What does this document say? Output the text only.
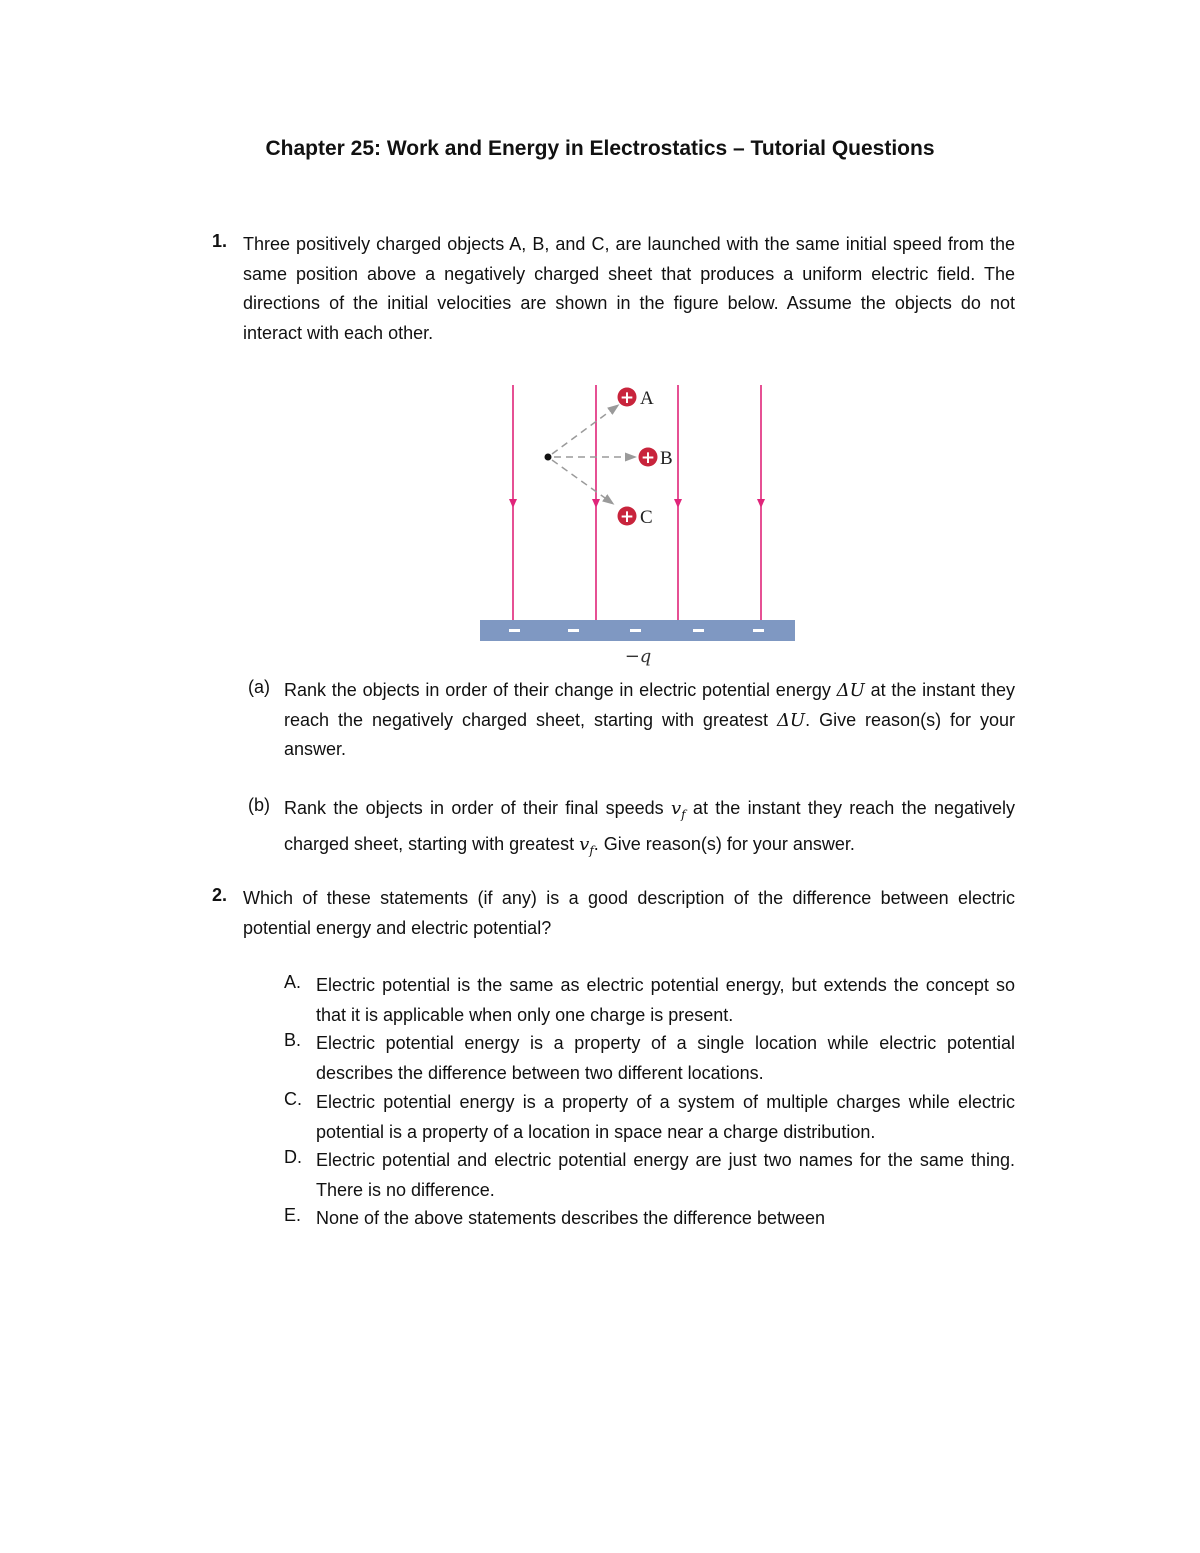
Chapter 25: Work and Energy in Electrostatics – Tutorial Questions
1. Three positively charged objects A, B, and C, are launched with the same initial speed from the same position above a negatively charged sheet that produces a uniform electric field. The directions of the initial velocities are shown in the figure below. Assume the objects do not interact with each other.
+ A
+ B
+ C
−q
(a) Rank the objects in order of their change in electric potential energy ΔU at the instant they reach the negatively charged sheet, starting with greatest ΔU. Give reason(s) for your answer.
(b) Rank the objects in order of their final speeds $v_f$ at the instant they reach the negatively charged sheet, starting with greatest $v_f$. Give reason(s) for your answer.
2. Which of these statements (if any) is a good description of the difference between electric potential energy and electric potential?
A. Electric potential is the same as electric potential energy, but extends the concept so that it is applicable when only one charge is present.
B. Electric potential energy is a property of a single location while electric potential describes the difference between two different locations.
C. Electric potential energy is a property of a system of multiple charges while electric potential is a property of a location in space near a charge distribution.
D. Electric potential and electric potential energy are just two names for the same thing. There is no difference.
E. None of the above statements describes the difference between
